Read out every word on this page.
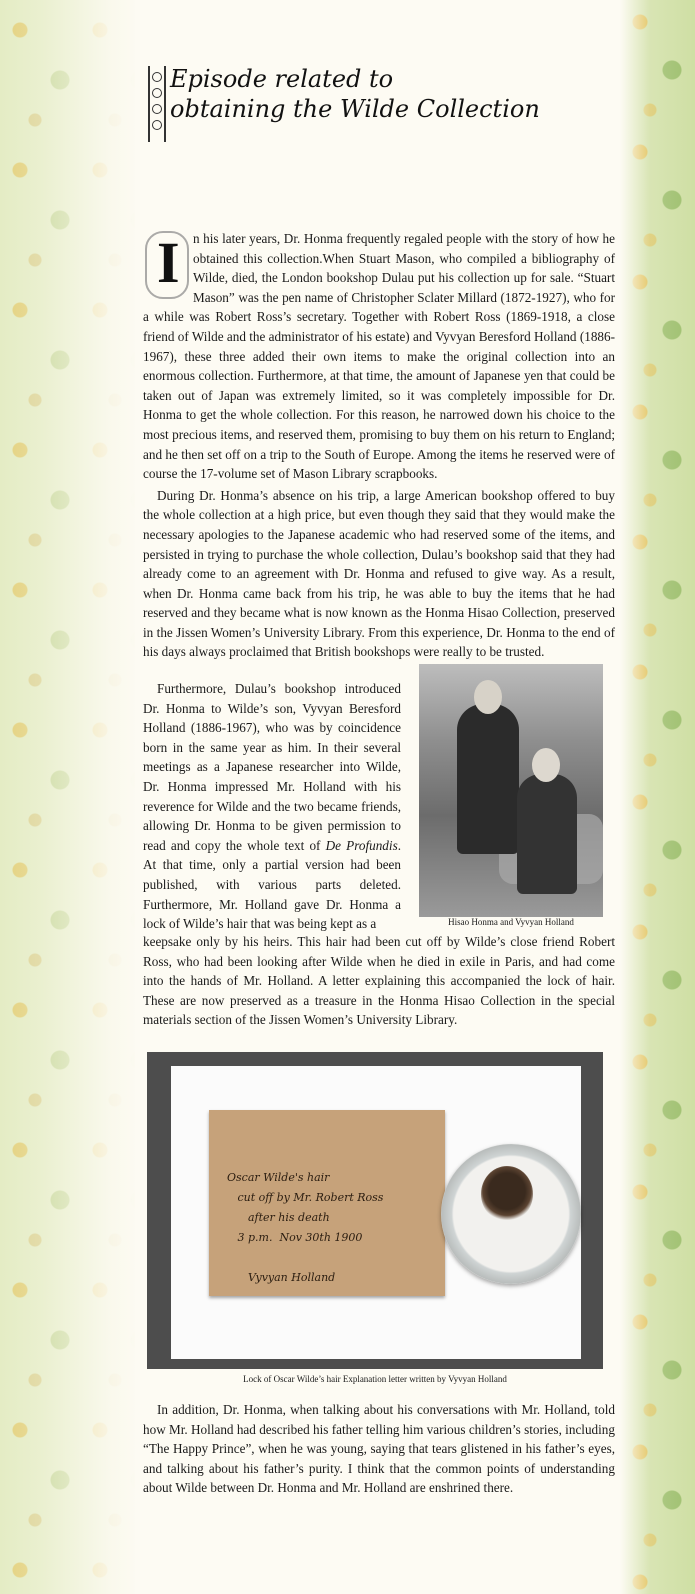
Episode related to
obtaining the Wilde Collection

I n his later years, Dr. Honma frequently regaled people with the story of how he obtained this collection.When Stuart Mason, who compiled a bibliography of Wilde, died, the London bookshop Dulau put his collection up for sale. “Stuart Mason” was the pen name of Christopher Sclater Millard (1872-1927), who for a while was Robert Ross’s secretary. Together with Robert Ross (1869-1918, a close friend of Wilde and the administrator of his estate) and Vyvyan Beresford Holland (1886-1967), these three added their own items to make the original collection into an enormous collection. Furthermore, at that time, the amount of Japanese yen that could be taken out of Japan was extremely limited, so it was completely impossible for Dr. Honma to get the whole collection. For this reason, he narrowed down his choice to the most precious items, and reserved them, promising to buy them on his return to England; and he then set off on a trip to the South of Europe. Among the items he reserved were of course the 17-volume set of Mason Library scrapbooks.

During Dr. Honma’s absence on his trip, a large American bookshop offered to buy the whole collection at a high price, but even though they said that they would make the necessary apologies to the Japanese academic who had reserved some of the items, and persisted in trying to purchase the whole collection, Dulau’s bookshop said that they had already come to an agreement with Dr. Honma and refused to give way. As a result, when Dr. Honma came back from his trip, he was able to buy the items that he had reserved and they became what is now known as the Honma Hisao Collection, preserved in the Jissen Women’s University Library. From this experience, Dr. Honma to the end of his days always proclaimed that British bookshops were really to be trusted.

Furthermore, Dulau’s bookshop introduced Dr. Honma to Wilde’s son, Vyvyan Beresford Holland (1886-1967), who was by coincidence born in the same year as him. In their several meetings as a Japanese researcher into Wilde, Dr. Honma impressed Mr. Holland with his reverence for Wilde and the two became friends, allowing Dr. Honma to be given permission to read and copy the whole text of De Profundis. At that time, only a partial version had been published, with various parts deleted. Furthermore, Mr. Holland gave Dr. Honma a lock of Wilde’s hair that was being kept as a	Hisao Honma and Vyvyan Holland

keepsake only by his heirs. This hair had been cut off by Wilde’s close friend Robert Ross, who had been looking after Wilde when he died in exile in Paris, and had come into the hands of Mr. Holland. A letter explaining this accompanied the lock of hair. These are now preserved as a treasure in the Honma Hisao Collection in the special materials section of the Jissen Women’s University Library.

Oscar Wilde's hair
cut off by Mr. Robert Ross
after his death
3 p.m.  Nov 30th 1900

Vyvyan Holland
Lock of Oscar Wilde’s hair Explanation letter written by Vyvyan Holland

In addition, Dr. Honma, when talking about his conversations with Mr. Holland, told how Mr. Holland had described his father telling him various children’s stories, including “The Happy Prince”, when he was young, saying that tears glistened in his father’s eyes, and talking about his father’s purity. I think that the common points of understanding about Wilde between Dr. Honma and Mr. Holland are enshrined there.
